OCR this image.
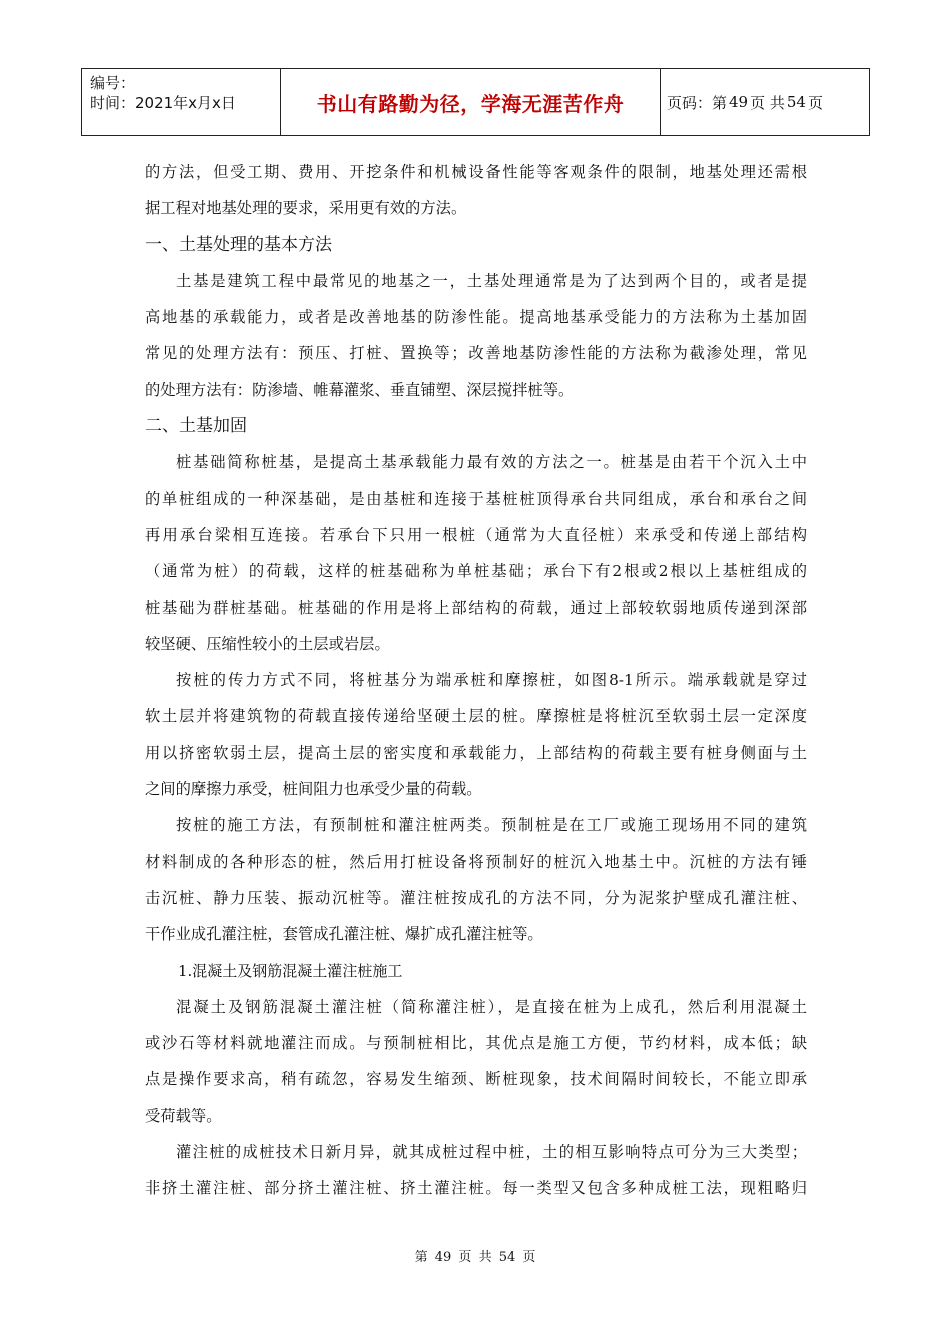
编号：
时间：2021年x月x日	书山有路勤为径，学海无涯苦作舟	页码：第 49 页 共 54 页
的方法，但受工期、费用、开挖条件和机械设备性能等客观条件的限制，地基处理还需根
据工程对地基处理的要求，采用更有效的方法。
一、土基处理的基本方法
土基是建筑工程中最常见的地基之一，土基处理通常是为了达到两个目的，或者是提
高地基的承载能力，或者是改善地基的防渗性能。提高地基承受能力的方法称为土基加固
常见的处理方法有：预压、打桩、置换等；改善地基防渗性能的方法称为截渗处理，常见
的处理方法有：防渗墙、帷幕灌浆、垂直铺塑、深层搅拌桩等。
二、土基加固
桩基础简称桩基，是提高土基承载能力最有效的方法之一。桩基是由若干个沉入土中
的单桩组成的一种深基础，是由基桩和连接于基桩桩顶得承台共同组成，承台和承台之间
再用承台梁相互连接。若承台下只用一根桩（通常为大直径桩）来承受和传递上部结构
（通常为桩）的荷载，这样的桩基础称为单桩基础；承台下有2根或2根以上基桩组成的
桩基础为群桩基础。桩基础的作用是将上部结构的荷载，通过上部较软弱地质传递到深部
较坚硬、压缩性较小的土层或岩层。
按桩的传力方式不同，将桩基分为端承桩和摩擦桩，如图8-1所示。端承载就是穿过
软土层并将建筑物的荷载直接传递给坚硬土层的桩。摩擦桩是将桩沉至软弱土层一定深度
用以挤密软弱土层，提高土层的密实度和承载能力，上部结构的荷载主要有桩身侧面与土
之间的摩擦力承受，桩间阻力也承受少量的荷载。
按桩的施工方法，有预制桩和灌注桩两类。预制桩是在工厂或施工现场用不同的建筑
材料制成的各种形态的桩，然后用打桩设备将预制好的桩沉入地基土中。沉桩的方法有锤
击沉桩、静力压装、振动沉桩等。灌注桩按成孔的方法不同，分为泥浆护壁成孔灌注桩、
干作业成孔灌注桩，套管成孔灌注桩、爆扩成孔灌注桩等。
1.混凝土及钢筋混凝土灌注桩施工
混凝土及钢筋混凝土灌注桩（简称灌注桩），是直接在桩为上成孔，然后利用混凝土
或沙石等材料就地灌注而成。与预制桩相比，其优点是施工方便，节约材料，成本低；缺
点是操作要求高，稍有疏忽，容易发生缩颈、断桩现象，技术间隔时间较长，不能立即承
受荷载等。
灌注桩的成桩技术日新月异，就其成桩过程中桩，土的相互影响特点可分为三大类型；
非挤土灌注桩、部分挤土灌注桩、挤土灌注桩。每一类型又包含多种成桩工法，现粗略归
第 49 页 共 54 页
